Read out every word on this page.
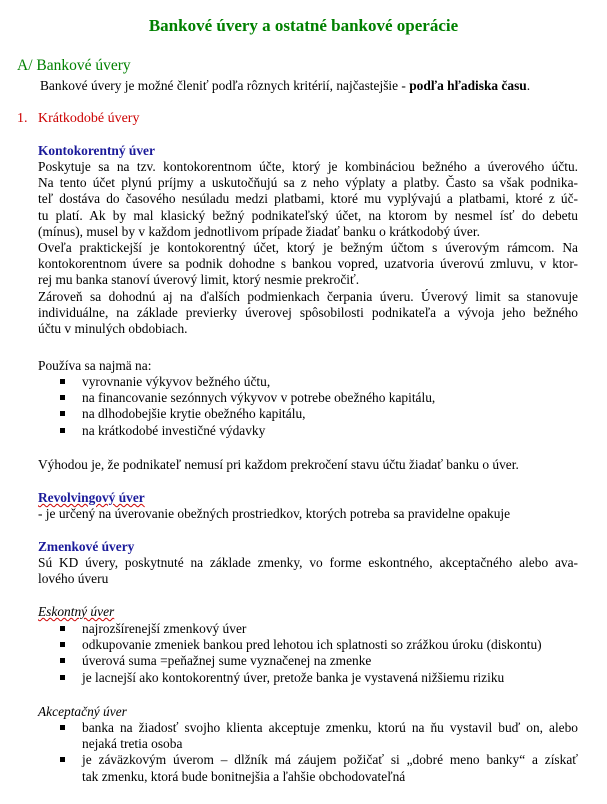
Bankové úvery a ostatné bankové operácie
A/ Bankové úvery
Bankové úvery je možné členiť podľa rôznych kritérií, najčastejšie - podľa hľadiska času.
1. Krátkodobé úvery
Kontokorentný úver
Poskytuje sa na tzv. kontokorentnom účte, ktorý je kombináciou bežného a úverového účtu.
Na tento účet plynú príjmy a uskutočňujú sa z neho výplaty a platby. Často sa však podnika-
teľ dostáva do časového nesúladu medzi platbami, ktoré mu vyplývajú a platbami, ktoré z úč-
tu platí. Ak by mal klasický bežný podnikateľský účet, na ktorom by nesmel ísť do debetu
(mínus), musel by v každom jednotlivom prípade žiadať banku o krátkodobý úver.
Oveľa praktickejší je kontokorentný účet, ktorý je bežným účtom s úverovým rámcom. Na
kontokorentnom úvere sa podnik dohodne s bankou vopred, uzatvoria úverovú zmluvu, v ktor-
rej mu banka stanoví úverový limit, ktorý nesmie prekročiť.
Zároveň sa dohodnú aj na ďalších podmienkach čerpania úveru. Úverový limit sa stanovuje
individuálne, na základe previerky úverovej spôsobilosti podnikateľa a vývoja jeho bežného
účtu v minulých obdobiach.
Používa sa najmä na:
vyrovnanie výkyvov bežného účtu,
na financovanie sezónnych výkyvov v potrebe obežného kapitálu,
na dlhodobejšie krytie obežného kapitálu,
na krátkodobé investičné výdavky
Výhodou je, že podnikateľ nemusí pri každom prekročení stavu účtu žiadať banku o úver.
Revolvingový úver
- je určený na úverovanie obežných prostriedkov, ktorých potreba sa pravidelne opakuje
Zmenkové úvery
Sú KD úvery, poskytnuté na základe zmenky, vo forme eskontného, akceptačného alebo ava-
lového úveru
Eskontný úver
najrozšírenejší zmenkový úver
odkupovanie zmeniek bankou pred lehotou ich splatnosti so zrážkou úroku (diskontu)
úverová suma =peňažnej sume vyznačenej na zmenke
je lacnejší ako kontokorentný úver, pretože banka je vystavená nižšiemu riziku
Akceptačný úver
banka na žiadosť svojho klienta akceptuje zmenku, ktorú na ňu vystavil buď on, alebo
nejaká tretia osoba
je záväzkovým úverom – dlžník má záujem požičať si „dobré meno banky“ a získať
tak zmenku, ktorá bude bonitnejšia a ľahšie obchodovateľná
